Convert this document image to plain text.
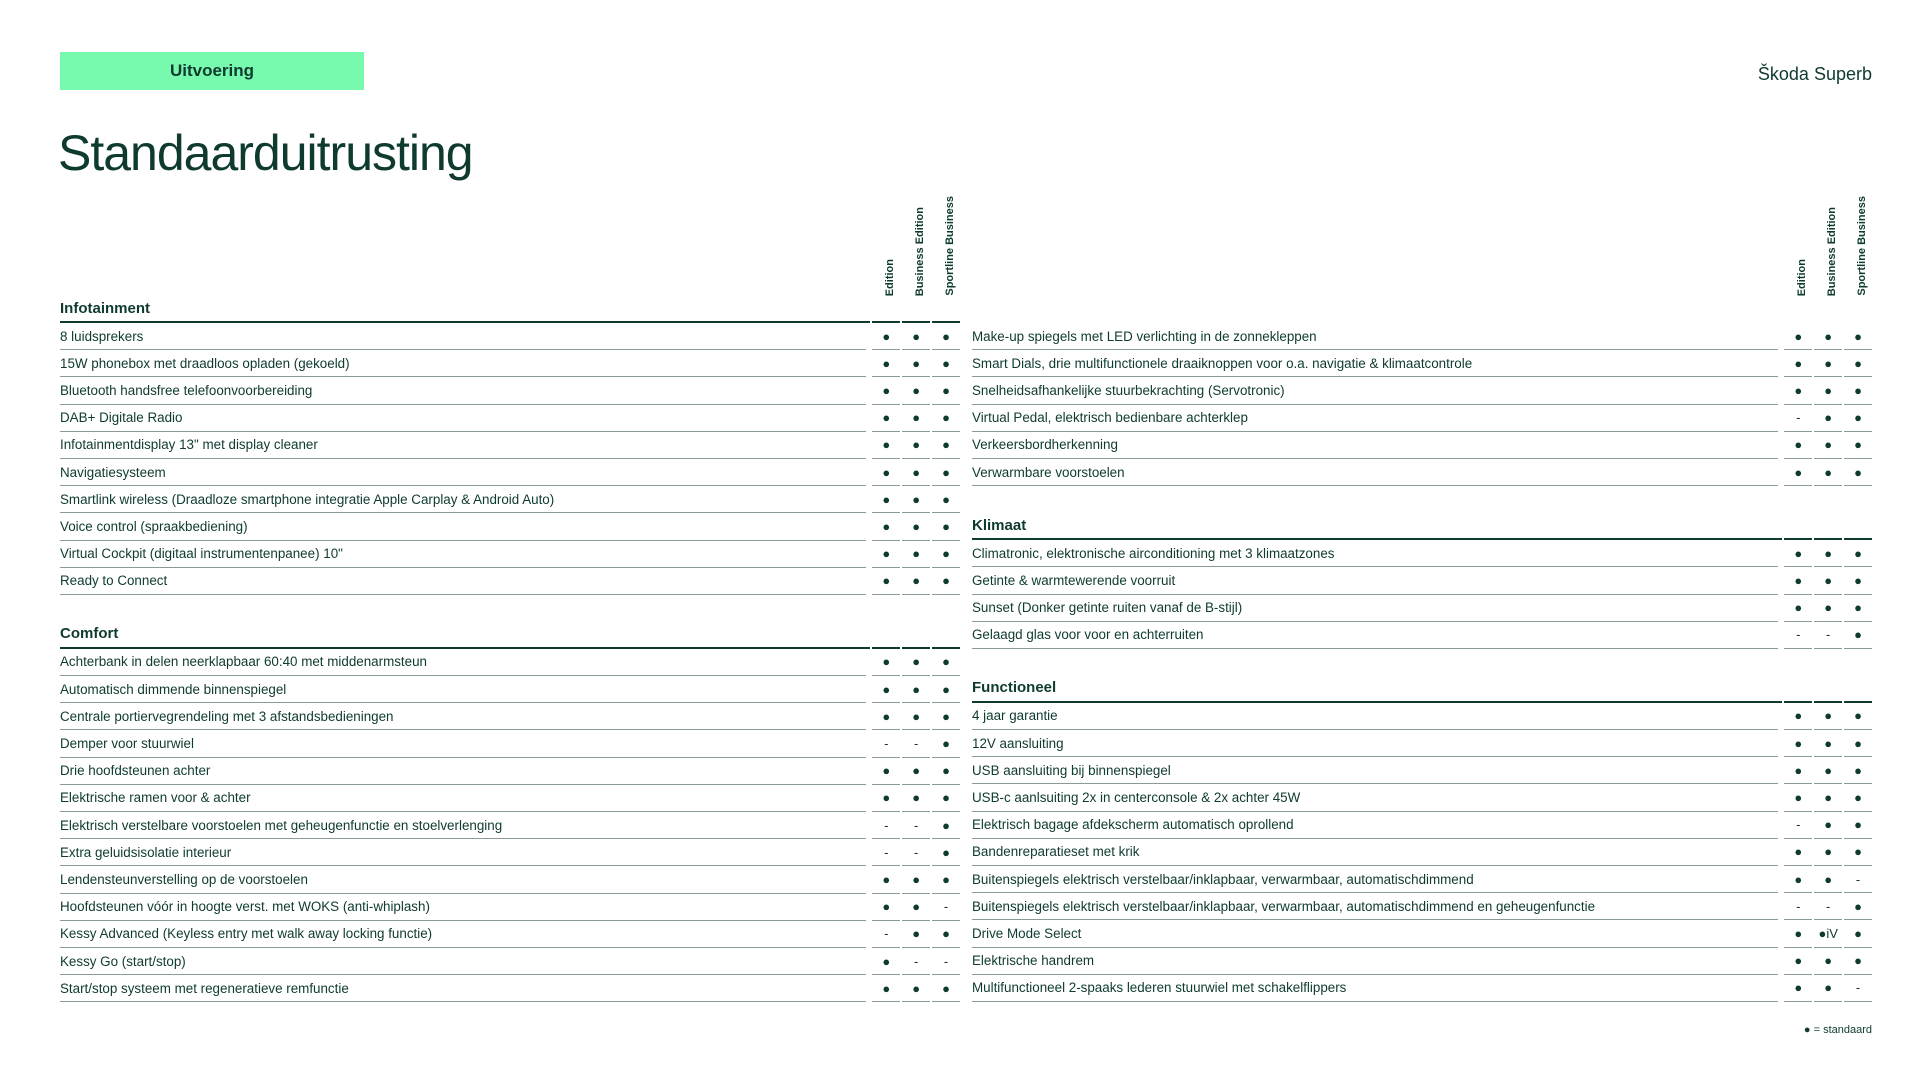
Uitvoering	Škoda Superb
Standaarduitrusting
Edition Business Edition Sportline Business
Infotainment
8 luidsprekers	●	●	●
15W phonebox met draadloos opladen (gekoeld)	●	●	●
Bluetooth handsfree telefoonvoorbereiding	●	●	●
DAB+ Digitale Radio	●	●	●
Infotainmentdisplay 13" met display cleaner	●	●	●
Navigatiesysteem	●	●	●
Smartlink wireless (Draadloze smartphone integratie Apple Carplay & Android Auto)	●	●	●
Voice control (spraakbediening)	●	●	●
Virtual Cockpit (digitaal instrumentenpanee) 10"	●	●	●
Ready to Connect	●	●	●
Comfort
Achterbank in delen neerklapbaar 60:40 met middenarmsteun	●	●	●
Automatisch dimmende binnenspiegel	●	●	●
Centrale portiervegrendeling met 3 afstandsbedieningen	●	●	●
Demper voor stuurwiel	-	-	●
Drie hoofdsteunen achter	●	●	●
Elektrische ramen voor & achter	●	●	●
Elektrisch verstelbare voorstoelen met geheugenfunctie en stoelverlenging	-	-	●
Extra geluidsisolatie interieur	-	-	●
Lendensteunverstelling op de voorstoelen	●	●	●
Hoofdsteunen vóór in hoogte verst. met WOKS (anti-whiplash)	●	●	-
Kessy Advanced (Keyless entry met walk away locking functie)	-	●	●
Kessy Go (start/stop)	●	-	-
Start/stop systeem met regeneratieve remfunctie	●	●	●
Edition Business Edition Sportline Business
Make-up spiegels met LED verlichting in de zonnekleppen	●	●	●
Smart Dials, drie multifunctionele draaiknoppen voor o.a. navigatie & klimaatcontrole	●	●	●
Snelheidsafhankelijke stuurbekrachting (Servotronic)	●	●	●
Virtual Pedal, elektrisch bedienbare achterklep	-	●	●
Verkeersbordherkenning	●	●	●
Verwarmbare voorstoelen	●	●	●
Klimaat
Climatronic, elektronische airconditioning met 3 klimaatzones	●	●	●
Getinte & warmtewerende voorruit	●	●	●
Sunset (Donker getinte ruiten vanaf de B-stijl)	●	●	●
Gelaagd glas voor voor en achterruiten	-	-	●
Functioneel
4 jaar garantie	●	●	●
12V aansluiting	●	●	●
USB aansluiting bij binnenspiegel	●	●	●
USB-c aanlsuiting 2x in centerconsole & 2x achter 45W	●	●	●
Elektrisch bagage afdekscherm automatisch oprollend	-	●	●
Bandenreparatieset met krik	●	●	●
Buitenspiegels elektrisch verstelbaar/inklapbaar, verwarmbaar, automatischdimmend	●	●	-
Buitenspiegels elektrisch verstelbaar/inklapbaar, verwarmbaar, automatischdimmend en geheugenfunctie	-	-	●
Drive Mode Select	●	●iV	●
Elektrische handrem	●	●	●
Multifunctioneel 2-spaaks lederen stuurwiel met schakelflippers	●	●	-
● = standaard
